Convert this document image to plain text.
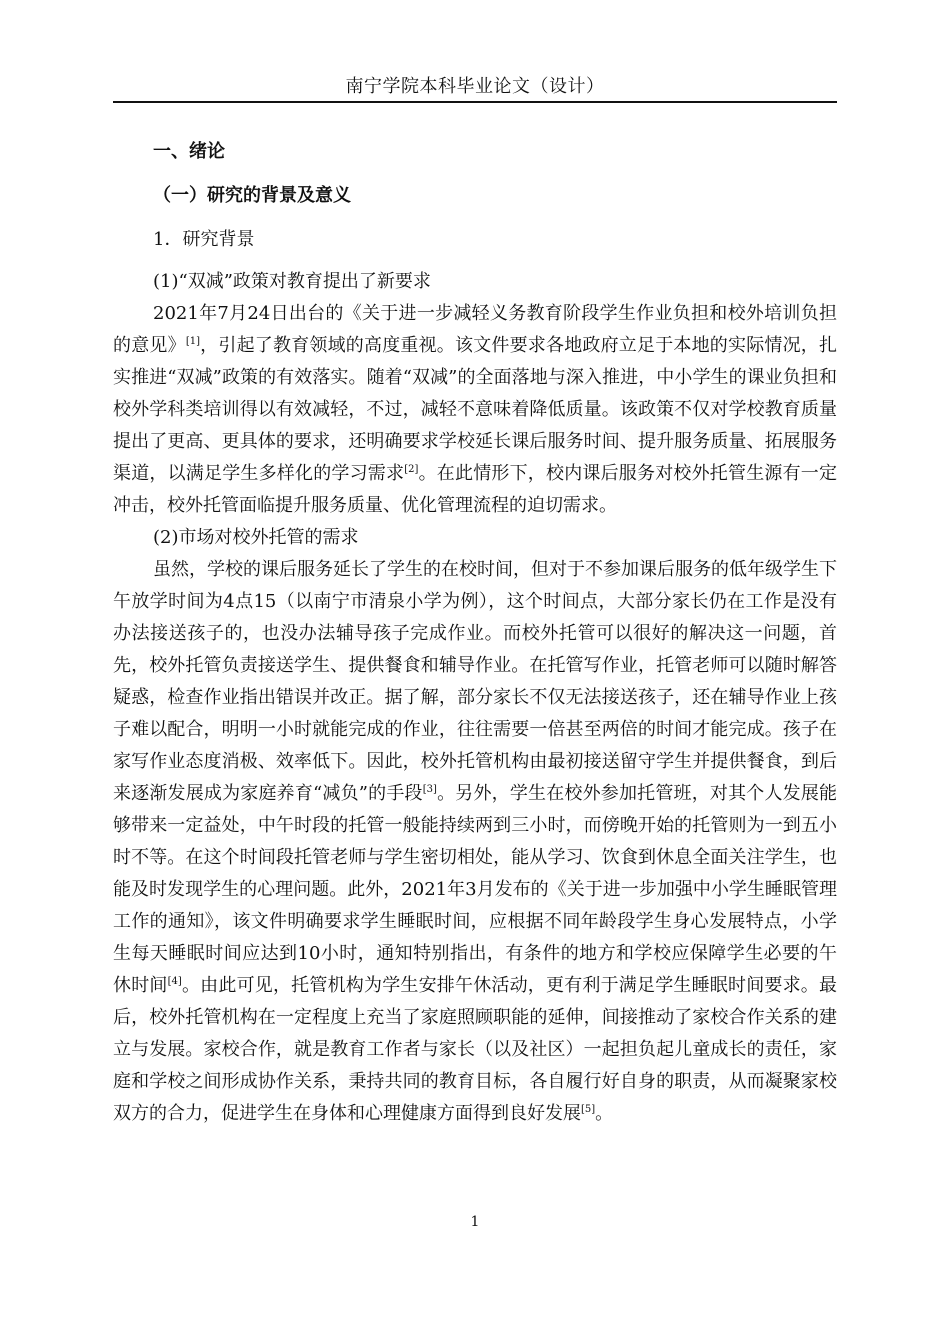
南宁学院本科毕业论文（设计）
一、绪论
（一）研究的背景及意义
1．研究背景
(1)“双减”政策对教育提出了新要求

2021年7月24日出台的《关于进一步减轻义务教育阶段学生作业负担和校外培训负担的意见》[1]，引起了教育领域的高度重视。该文件要求各地政府立足于本地的实际情况，扎实推进“双减”政策的有效落实。随着“双减”的全面落地与深入推进，中小学生的课业负担和校外学科类培训得以有效减轻，不过，减轻不意味着降低质量。该政策不仅对学校教育质量提出了更高、更具体的要求，还明确要求学校延长课后服务时间、提升服务质量、拓展服务渠道，以满足学生多样化的学习需求[2]。在此情形下，校内课后服务对校外托管生源有一定冲击，校外托管面临提升服务质量、优化管理流程的迫切需求。

(2)市场对校外托管的需求

虽然，学校的课后服务延长了学生的在校时间，但对于不参加课后服务的低年级学生下午放学时间为4点15（以南宁市清泉小学为例），这个时间点，大部分家长仍在工作是没有办法接送孩子的，也没办法辅导孩子完成作业。而校外托管可以很好的解决这一问题，首先，校外托管负责接送学生、提供餐食和辅导作业。在托管写作业，托管老师可以随时解答疑惑，检查作业指出错误并改正。据了解，部分家长不仅无法接送孩子，还在辅导作业上孩子难以配合，明明一小时就能完成的作业，往往需要一倍甚至两倍的时间才能完成。孩子在家写作业态度消极、效率低下。因此，校外托管机构由最初接送留守学生并提供餐食，到后来逐渐发展成为家庭养育“减负”的手段[3]。另外，学生在校外参加托管班，对其个人发展能够带来一定益处，中午时段的托管一般能持续两到三小时，而傍晚开始的托管则为一到五小时不等。在这个时间段托管老师与学生密切相处，能从学习、饮食到休息全面关注学生，也能及时发现学生的心理问题。此外，2021年3月发布的《关于进一步加强中小学生睡眠管理工作的通知》，该文件明确要求学生睡眠时间，应根据不同年龄段学生身心发展特点，小学生每天睡眠时间应达到10小时，通知特别指出，有条件的地方和学校应保障学生必要的午休时间[4]。由此可见，托管机构为学生安排午休活动，更有利于满足学生睡眠时间要求。最后，校外托管机构在一定程度上充当了家庭照顾职能的延伸，间接推动了家校合作关系的建立与发展。家校合作，就是教育工作者与家长（以及社区）一起担负起儿童成长的责任，家庭和学校之间形成协作关系，秉持共同的教育目标，各自履行好自身的职责，从而凝聚家校双方的合力，促进学生在身体和心理健康方面得到良好发展[5]。

1
